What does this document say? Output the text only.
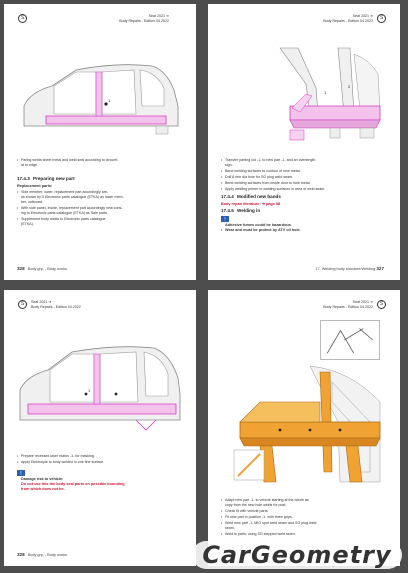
S	Seat 2021 ➔
Body Repairs - Edition 04.2022
1
• Paring welds sheet metal and weld seal according to circumf-
at to edge.
17.4.3 Preparing new part
Replacement parts:
• Side member, lower, replacement part accordingly are-
as shown by 5 Electronic parts catalogue (ETKA) as lower mem-
ber, outboard.
• With side panel, inside, replacement part accordingly new cons-
ing to Electronic parts catalogue (ETKA) as Sale parts.
• Supplement body welds to Electronic parts catalogue
(ETKA).
328 Body grp. - Body works
S
Seat 2021 ➔
Body Repairs - Edition 04.2022
1
2
• Transfer parting cut -1- to new part -1- and an overlength
sign.
• Bend welding surfaces to contour of new metal.
• Drill 8 mm dia hole for SG plug weld seam.
• Bend welding surfaces from inside door to hole metal.
• Apply welding primer to welding surfaces in area of weld seam.
17.4.4 Modified new bands
Body repair literature: ➔ page 58
17.4.5 Welding in
!
Adhesive fumes could be hazardous.
• Wear and must be protect by ATV oil hole.
17. Welding body structure/Welding 327
S	Seat 2021 ➔
Body Repairs - Edition 04.2022
1
• Prepare recessed laser marks -1- for masking.
• Apply Elektrolyte to body welded in one fine surface.
!
Damage risk to vehicle:
Do not use this the body seal parts on possible bounding
from which does not be.
328 Body grp. - Body works
S
Seat 2021 ➔
Body Repairs - Edition 04.2022
• Adapt new part -1- to vehicle starting at the whole as
copy from the new hole welds for post-
• Check fit with vehicle parts.
• Fit new part in position -1- with three grips.
• Weld new part -1- MIG spot weld seam and SG plug weld
seam.
• Weld in parts, using SG stepped weld seam.
CarGeometry
